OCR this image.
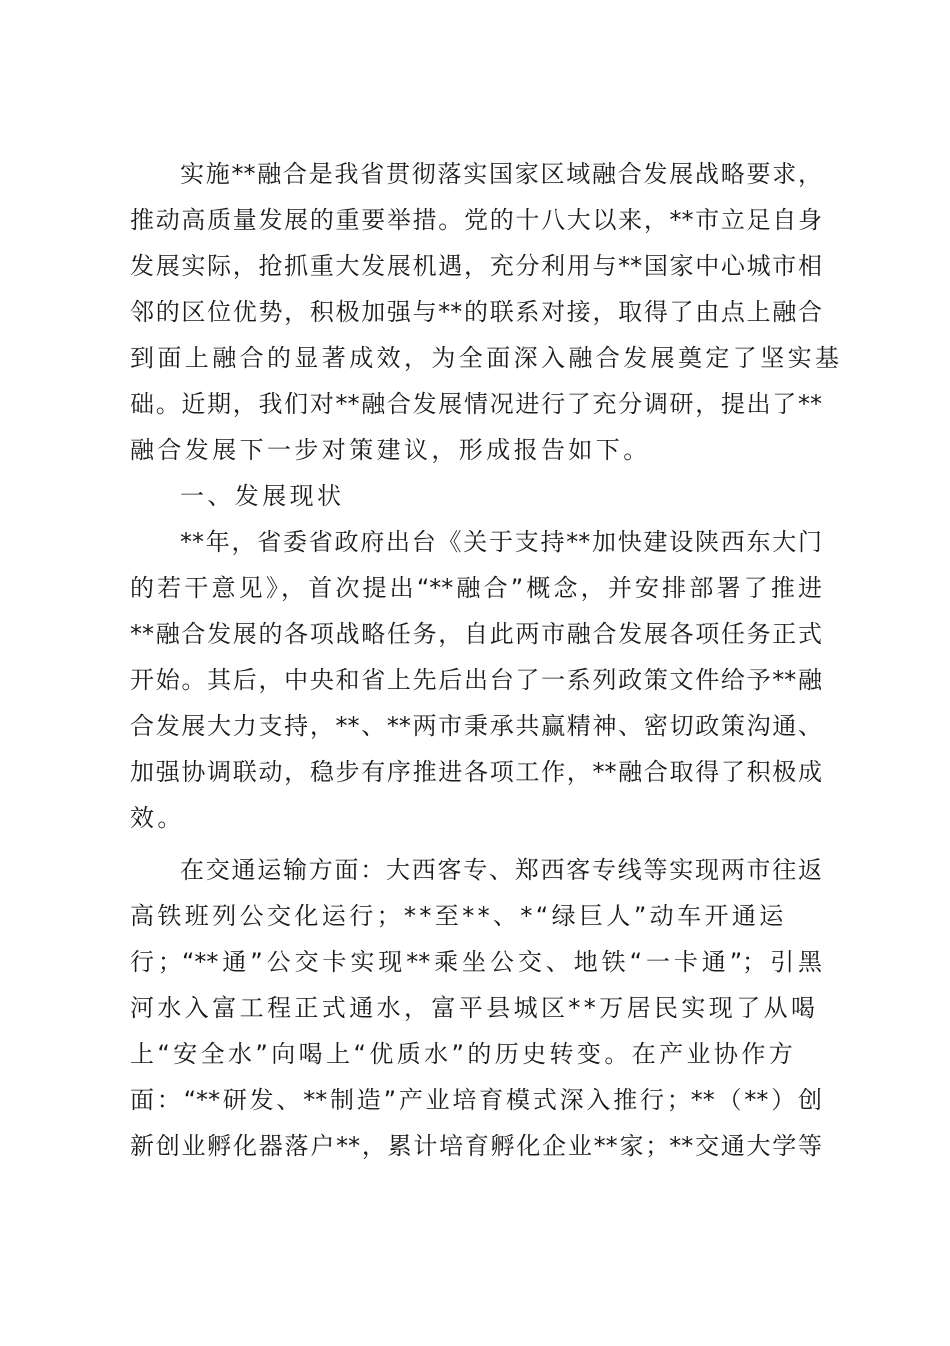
实施**融合是我省贯彻落实国家区域融合发展战略要求，
推动高质量发展的重要举措。党的十八大以来，**市立足自身
发展实际，抢抓重大发展机遇，充分利用与**国家中心城市相
邻的区位优势，积极加强与**的联系对接，取得了由点上融合
到面上融合的显著成效，为全面深入融合发展奠定了坚实基
础。近期，我们对**融合发展情况进行了充分调研，提出了**
融合发展下一步对策建议，形成报告如下。
一、发展现状
**年，省委省政府出台《关于支持**加快建设陕西东大门
的若干意见》，首次提出“**融合”概念，并安排部署了推进
**融合发展的各项战略任务，自此两市融合发展各项任务正式
开始。其后，中央和省上先后出台了一系列政策文件给予**融
合发展大力支持，**、**两市秉承共赢精神、密切政策沟通、
加强协调联动，稳步有序推进各项工作，**融合取得了积极成
效。
在交通运输方面：大西客专、郑西客专线等实现两市往返
高铁班列公交化运行；**至**、*“绿巨人”动车开通运
行；“**通”公交卡实现**乘坐公交、地铁“一卡通”；引黑
河水入富工程正式通水，富平县城区**万居民实现了从喝
上“安全水”向喝上“优质水”的历史转变。在产业协作方
面：“**研发、**制造”产业培育模式深入推行；**（**）创
新创业孵化器落户**，累计培育孵化企业**家；**交通大学等
